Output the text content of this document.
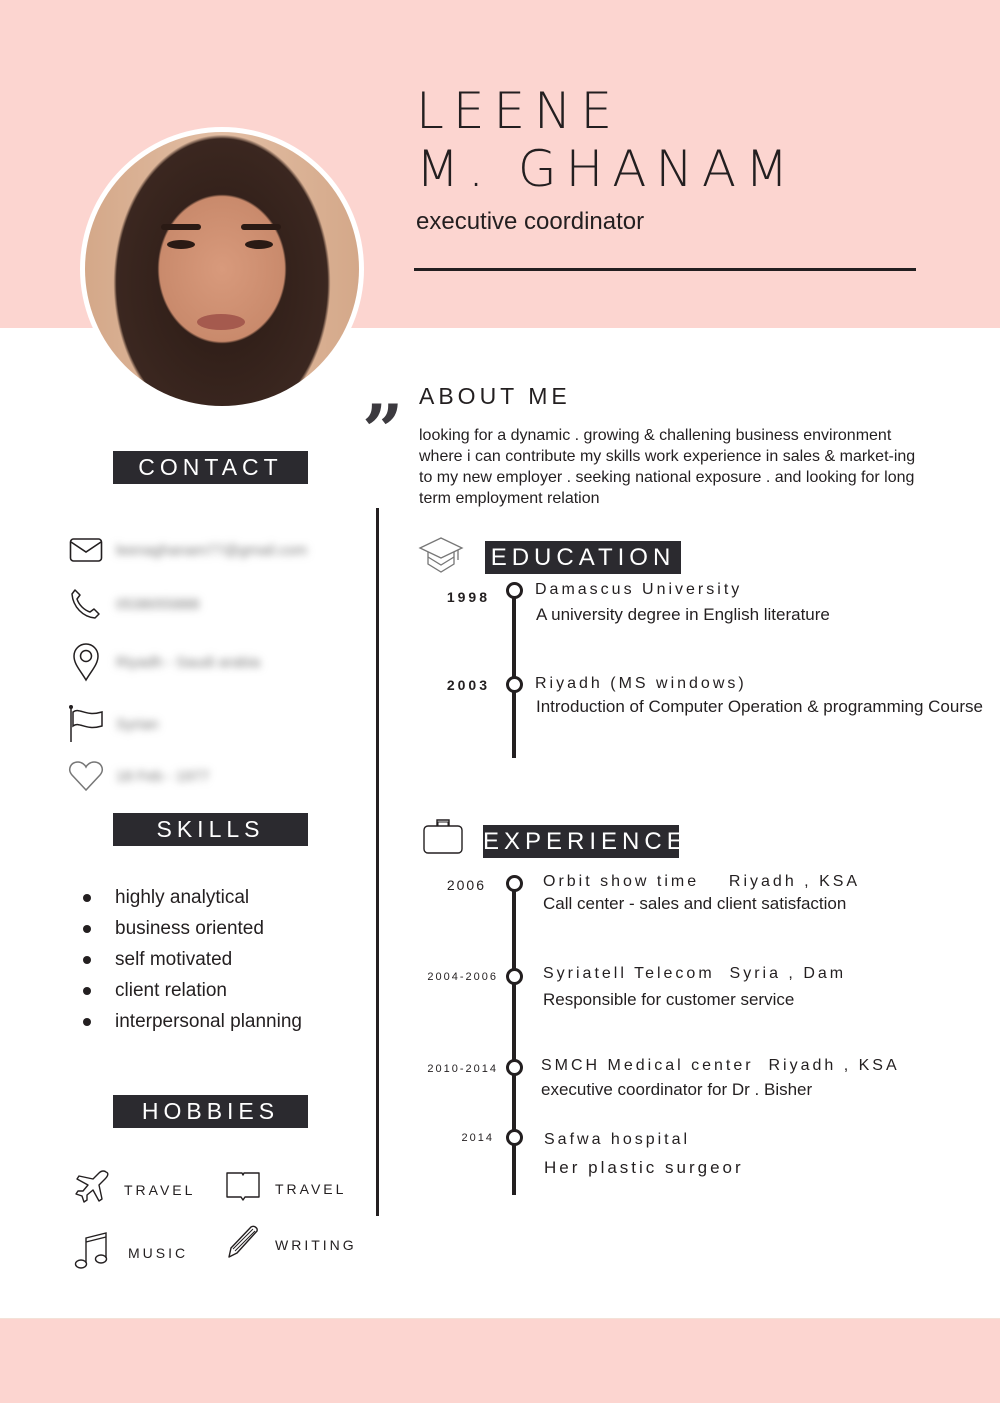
LEENE
M. GHANAM
executive coordinator
” ABOUT ME
looking for a dynamic . growing & challening business environment where i can contribute my skills work experience in sales & market-ing to my new employer . seeking national exposure . and looking for long term employment relation
CONTACT
leenaghanam77@gmail.com
0538055888
Riyadh - Saudi arabia
Syrian
18 Feb - 1977
SKILLS
highly analytical
business oriented
self motivated
client relation
interpersonal planning
HOBBIES
TRAVEL	TRAVEL
MUSIC	WRITING
EDUCATION
1998	Damascus University
A university degree in English literature
2003	Riyadh (MS windows)
Introduction of Computer Operation & programming Course
EXPERIENCE
2006	Orbit show time    Riyadh , KSA
Call center - sales and client satisfaction
2004-2006	Syriatell Telecom  Syria , Dam
Responsible for customer service
2010-2014	SMCH Medical center  Riyadh , KSA
executive coordinator for Dr . Bisher
2014	Safwa hospital
Her plastic surgeor
